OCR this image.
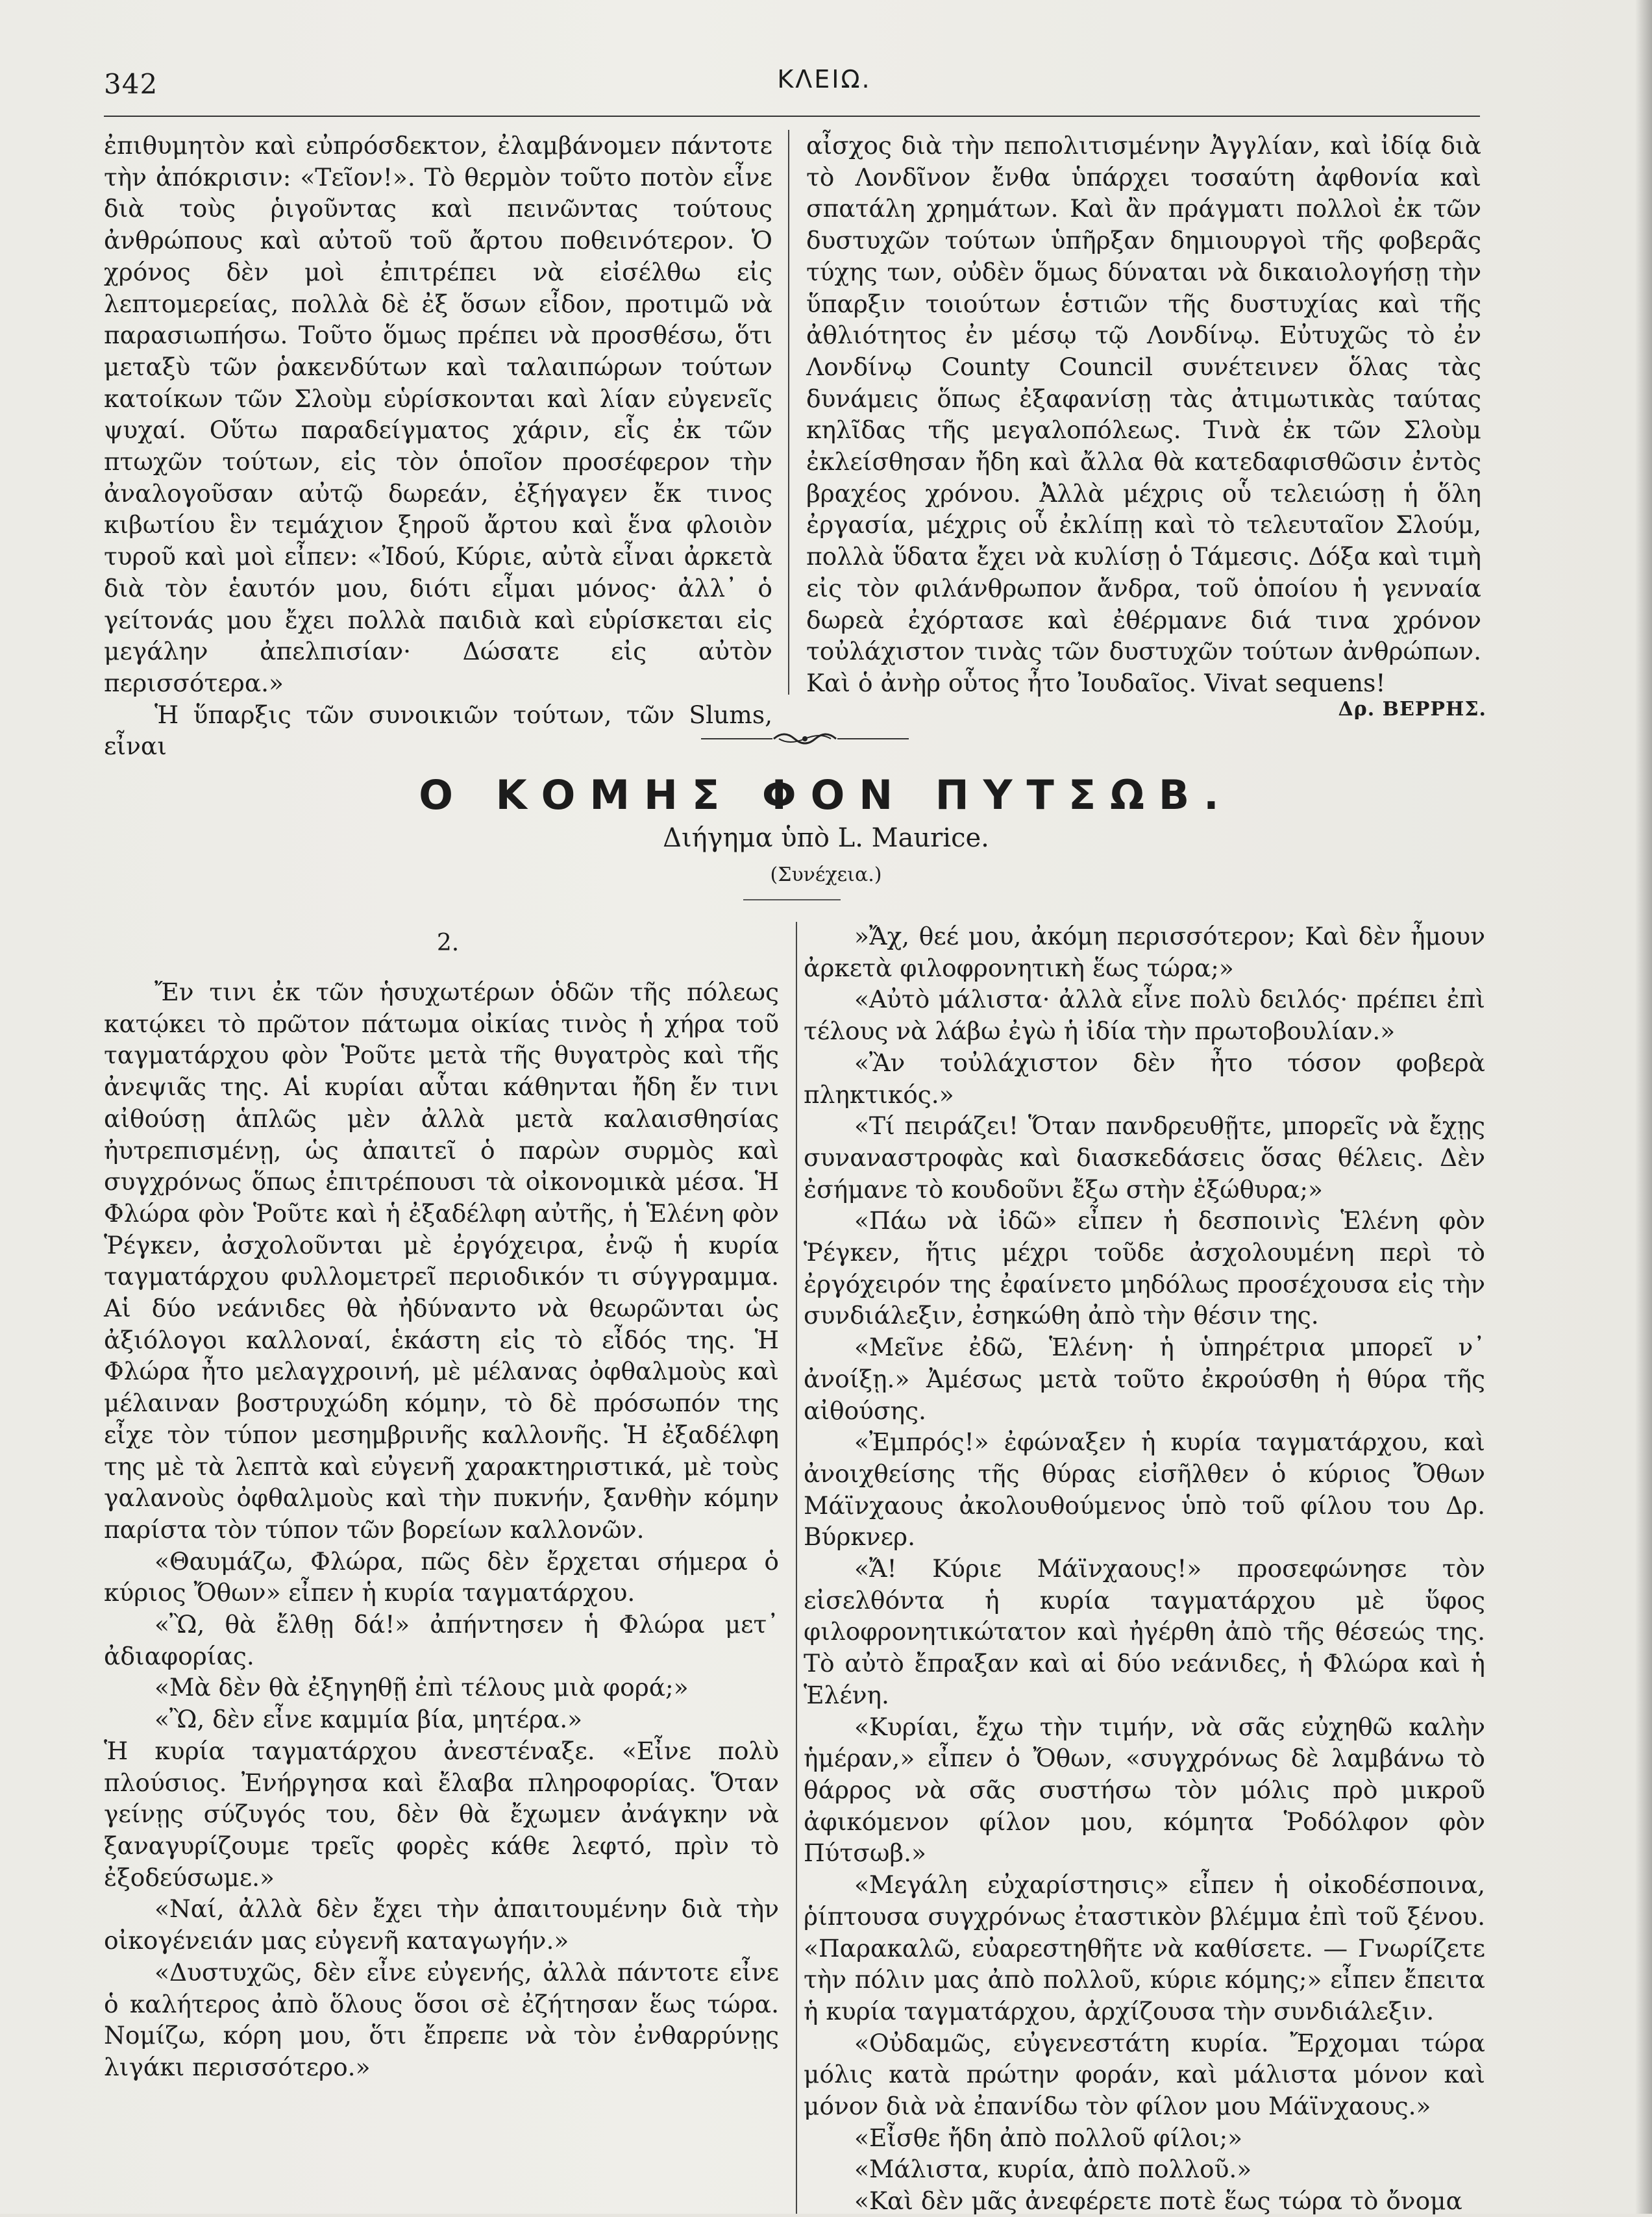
342	ΚΛΕΙΩ.

ἐπιθυμητὸν καὶ εὐπρόσδεκτον, ἐλαμβάνομεν πάντοτε τὴν ἀπόκρισιν: «Τεῖον!». Τὸ θερμὸν τοῦτο ποτὸν εἶνε διὰ τοὺς ῥιγοῦντας καὶ πεινῶντας τούτους ἀνθρώπους καὶ αὐτοῦ τοῦ ἄρτου ποθεινότερον. Ὁ χρόνος δὲν μοὶ ἐπιτρέπει νὰ εἰσέλθω εἰς λεπτομερείας, πολλὰ δὲ ἐξ ὅσων εἶδον, προτιμῶ νὰ παρασιωπήσω. Τοῦτο ὅμως πρέπει νὰ προσθέσω, ὅτι μεταξὺ τῶν ῥακενδύτων καὶ ταλαιπώρων τούτων κατοίκων τῶν Σλοὺμ εὑρίσκονται καὶ λίαν εὐγενεῖς ψυχαί. Οὕτω παραδείγματος χάριν, εἷς ἐκ τῶν πτωχῶν τούτων, εἰς τὸν ὁποῖον προσέφερον τὴν ἀναλογοῦσαν αὐτῷ δωρεάν, ἐξήγαγεν ἔκ τινος κιβωτίου ἓν τεμάχιον ξηροῦ ἄρτου καὶ ἕνα φλοιὸν τυροῦ καὶ μοὶ εἶπεν: «Ἰδού, Κύριε, αὐτὰ εἶναι ἀρκετὰ διὰ τὸν ἑαυτόν μου, διότι εἶμαι μόνος· ἀλλ᾿ ὁ γείτονάς μου ἔχει πολλὰ παιδιὰ καὶ εὑρίσκεται εἰς μεγάλην ἀπελπισίαν· Δώσατε εἰς αὐτὸν περισσότερα.»

Ἡ ὕπαρξις τῶν συνοικιῶν τούτων, τῶν Slums, εἶναι

αἶσχος διὰ τὴν πεπολιτισμένην Ἀγγλίαν, καὶ ἰδίᾳ διὰ τὸ Λονδῖνον ἔνθα ὑπάρχει τοσαύτη ἀφθονία καὶ σπατάλη χρημάτων. Καὶ ἂν πράγματι πολλοὶ ἐκ τῶν δυστυχῶν τούτων ὑπῆρξαν δημιουργοὶ τῆς φοβερᾶς τύχης των, οὐδὲν ὅμως δύναται νὰ δικαιολογήσῃ τὴν ὕπαρξιν τοιούτων ἑστιῶν τῆς δυστυχίας καὶ τῆς ἀθλιότητος ἐν μέσῳ τῷ Λονδίνῳ. Εὐτυχῶς τὸ ἐν Λονδίνῳ County Council συνέτεινεν ὅλας τὰς δυνάμεις ὅπως ἐξαφανίσῃ τὰς ἀτιμωτικὰς ταύτας κηλῖδας τῆς μεγαλοπόλεως. Τινὰ ἐκ τῶν Σλοὺμ ἐκλείσθησαν ἤδη καὶ ἄλλα θὰ κατεδαφισθῶσιν ἐντὸς βραχέος χρόνου. Ἀλλὰ μέχρις οὗ τελειώσῃ ἡ ὅλη ἐργασία, μέχρις οὗ ἐκλίπῃ καὶ τὸ τελευταῖον Σλούμ, πολλὰ ὕδατα ἔχει νὰ κυλίσῃ ὁ Τάμεσις. Δόξα καὶ τιμὴ εἰς τὸν φιλάνθρωπον ἄνδρα, τοῦ ὁποίου ἡ γενναία δωρεὰ ἐχόρτασε καὶ ἐθέρμανε διά τινα χρόνον τοὐλάχιστον τινὰς τῶν δυστυχῶν τούτων ἀνθρώπων. Καὶ ὁ ἀνὴρ οὗτος ἦτο Ἰουδαῖος. Vivat sequens!

Δρ. ΒΕΡΡΗΣ.
Ο ΚΟΜΗΣ ΦΟΝ ΠΥΤΣΩΒ.
Διήγημα ὑπὸ L. Maurice.
(Συνέχεια.)
2.

Ἔν τινι ἐκ τῶν ἡσυχωτέρων ὁδῶν τῆς πόλεως κατῴκει τὸ πρῶτον πάτωμα οἰκίας τινὸς ἡ χήρα τοῦ ταγματάρχου φὸν Ῥοῦτε μετὰ τῆς θυγατρὸς καὶ τῆς ἀνεψιᾶς της. Αἱ κυρίαι αὗται κάθηνται ἤδη ἔν τινι αἰθούσῃ ἁπλῶς μὲν ἀλλὰ μετὰ καλαισθησίας ἠυτρεπισμένῃ, ὡς ἀπαιτεῖ ὁ παρὼν συρμὸς καὶ συγχρόνως ὅπως ἐπιτρέπουσι τὰ οἰκονομικὰ μέσα. Ἡ Φλώρα φὸν Ῥοῦτε καὶ ἡ ἐξαδέλφη αὐτῆς, ἡ Ἑλένη φὸν Ῥέγκεν, ἀσχολοῦνται μὲ ἐργόχειρα, ἐνῷ ἡ κυρία ταγματάρχου φυλλομετρεῖ περιοδικόν τι σύγγραμμα. Αἱ δύο νεάνιδες θὰ ἠδύναντο νὰ θεωρῶνται ὡς ἀξιόλογοι καλλοναί, ἑκάστη εἰς τὸ εἶδός της. Ἡ Φλώρα ἦτο μελαγχροινή, μὲ μέλανας ὀφθαλμοὺς καὶ μέλαιναν βοστρυχώδη κόμην, τὸ δὲ πρόσωπόν της εἶχε τὸν τύπον μεσημβρινῆς καλλονῆς. Ἡ ἐξαδέλφη της μὲ τὰ λεπτὰ καὶ εὐγενῆ χαρακτηριστικά, μὲ τοὺς γαλανοὺς ὀφθαλμοὺς καὶ τὴν πυκνήν, ξανθὴν κόμην παρίστα τὸν τύπον τῶν βορείων καλλονῶν.

«Θαυμάζω, Φλώρα, πῶς δὲν ἔρχεται σήμερα ὁ κύριος Ὄθων» εἶπεν ἡ κυρία ταγματάρχου.

«Ὢ, θὰ ἔλθῃ δά!» ἀπήντησεν ἡ Φλώρα μετ᾿ ἀδιαφορίας.

«Μὰ δὲν θὰ ἐξηγηθῇ ἐπὶ τέλους μιὰ φορά;»

«Ὢ, δὲν εἶνε καμμία βία, μητέρα.»

Ἡ κυρία ταγματάρχου ἀνεστέναξε. «Εἶνε πολὺ πλούσιος. Ἐνήργησα καὶ ἔλαβα πληροφορίας. Ὅταν γείνῃς σύζυγός του, δὲν θὰ ἔχωμεν ἀνάγκην νὰ ξαναγυρίζουμε τρεῖς φορὲς κάθε λεφτό, πρὶν τὸ ἐξοδεύσωμε.»

«Ναί, ἀλλὰ δὲν ἔχει τὴν ἀπαιτουμένην διὰ τὴν οἰκογένειάν μας εὐγενῆ καταγωγήν.»

«Δυστυχῶς, δὲν εἶνε εὐγενής, ἀλλὰ πάντοτε εἶνε ὁ καλήτερος ἀπὸ ὅλους ὅσοι σὲ ἐζήτησαν ἕως τώρα. Νομίζω, κόρη μου, ὅτι ἔπρεπε νὰ τὸν ἐνθαρρύνῃς λιγάκι περισσότερο.»

»Ἄχ, θεέ μου, ἀκόμη περισσότερον; Καὶ δὲν ἦμουν ἀρκετὰ φιλοφρονητικὴ ἕως τώρα;»

«Αὐτὸ μάλιστα· ἀλλὰ εἶνε πολὺ δειλός· πρέπει ἐπὶ τέλους νὰ λάβω ἐγὼ ἡ ἰδία τὴν πρωτοβουλίαν.»

«Ἂν τοὐλάχιστον δὲν ἦτο τόσον φοβερὰ πληκτικός.»

«Τί πειράζει! Ὅταν πανδρευθῇτε, μπορεῖς νὰ ἔχῃς συναναστροφὰς καὶ διασκεδάσεις ὅσας θέλεις. Δὲν ἐσήμανε τὸ κουδοῦνι ἔξω στὴν ἐξώθυρα;»

«Πάω νὰ ἰδῶ» εἶπεν ἡ δεσποινὶς Ἑλένη φὸν Ῥέγκεν, ἥτις μέχρι τοῦδε ἀσχολουμένη περὶ τὸ ἐργόχειρόν της ἐφαίνετο μηδόλως προσέχουσα εἰς τὴν συνδιάλεξιν, ἐσηκώθη ἀπὸ τὴν θέσιν της.

«Μεῖνε ἐδῶ, Ἑλένη· ἡ ὑπηρέτρια μπορεῖ ν᾿ ἀνοίξῃ.» Ἀμέσως μετὰ τοῦτο ἐκρούσθη ἡ θύρα τῆς αἰθούσης.

«Ἐμπρός!» ἐφώναξεν ἡ κυρία ταγματάρχου, καὶ ἀνοιχθείσης τῆς θύρας εἰσῆλθεν ὁ κύριος Ὄθων Μάϊνχαους ἀκολουθούμενος ὑπὸ τοῦ φίλου του Δρ. Βύρκνερ.

«Ἄ! Κύριε Μάϊνχαους!» προσεφώνησε τὸν εἰσελθόντα ἡ κυρία ταγματάρχου μὲ ὕφος φιλοφρονητικώτατον καὶ ἠγέρθη ἀπὸ τῆς θέσεώς της. Τὸ αὐτὸ ἔπραξαν καὶ αἱ δύο νεάνιδες, ἡ Φλώρα καὶ ἡ Ἑλένη.

«Κυρίαι, ἔχω τὴν τιμήν, νὰ σᾶς εὐχηθῶ καλὴν ἡμέραν,» εἶπεν ὁ Ὄθων, «συγχρόνως δὲ λαμβάνω τὸ θάρρος νὰ σᾶς συστήσω τὸν μόλις πρὸ μικροῦ ἀφικόμενον φίλον μου, κόμητα Ῥοδόλφον φὸν Πύτσωβ.»

«Μεγάλη εὐχαρίστησις» εἶπεν ἡ οἰκοδέσποινα, ῥίπτουσα συγχρόνως ἐταστικὸν βλέμμα ἐπὶ τοῦ ξένου. «Παρακαλῶ, εὐαρεστηθῆτε νὰ καθίσετε. — Γνωρίζετε τὴν πόλιν μας ἀπὸ πολλοῦ, κύριε κόμης;» εἶπεν ἔπειτα ἡ κυρία ταγματάρχου, ἀρχίζουσα τὴν συνδιάλεξιν.

«Οὐδαμῶς, εὐγενεστάτη κυρία. Ἔρχομαι τώρα μόλις κατὰ πρώτην φοράν, καὶ μάλιστα μόνον καὶ μόνον διὰ νὰ ἐπανίδω τὸν φίλον μου Μάϊνχαους.»

«Εἶσθε ἤδη ἀπὸ πολλοῦ φίλοι;»

«Μάλιστα, κυρία, ἀπὸ πολλοῦ.»

«Καὶ δὲν μᾶς ἀνεφέρετε ποτὲ ἕως τώρα τὸ ὄνομα
